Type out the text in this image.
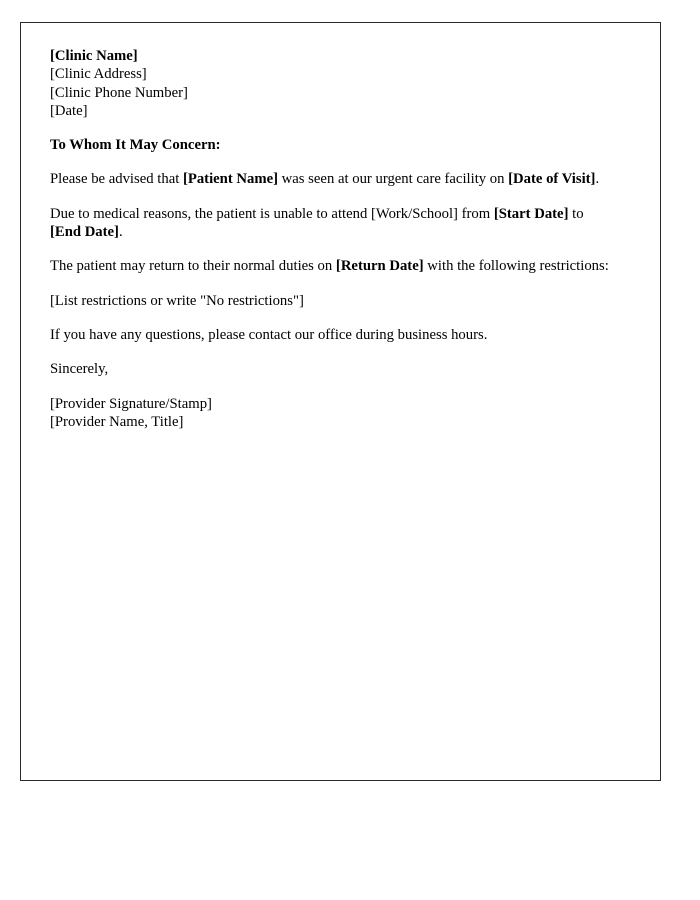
[Clinic Name]
[Clinic Address]
[Clinic Phone Number]
[Date]

To Whom It May Concern:

Please be advised that [Patient Name] was seen at our urgent care facility on [Date of Visit].

Due to medical reasons, the patient is unable to attend [Work/School] from [Start Date] to [End Date].

The patient may return to their normal duties on [Return Date] with the following restrictions:

[List restrictions or write "No restrictions"]

If you have any questions, please contact our office during business hours.

Sincerely,

[Provider Signature/Stamp]
[Provider Name, Title]
